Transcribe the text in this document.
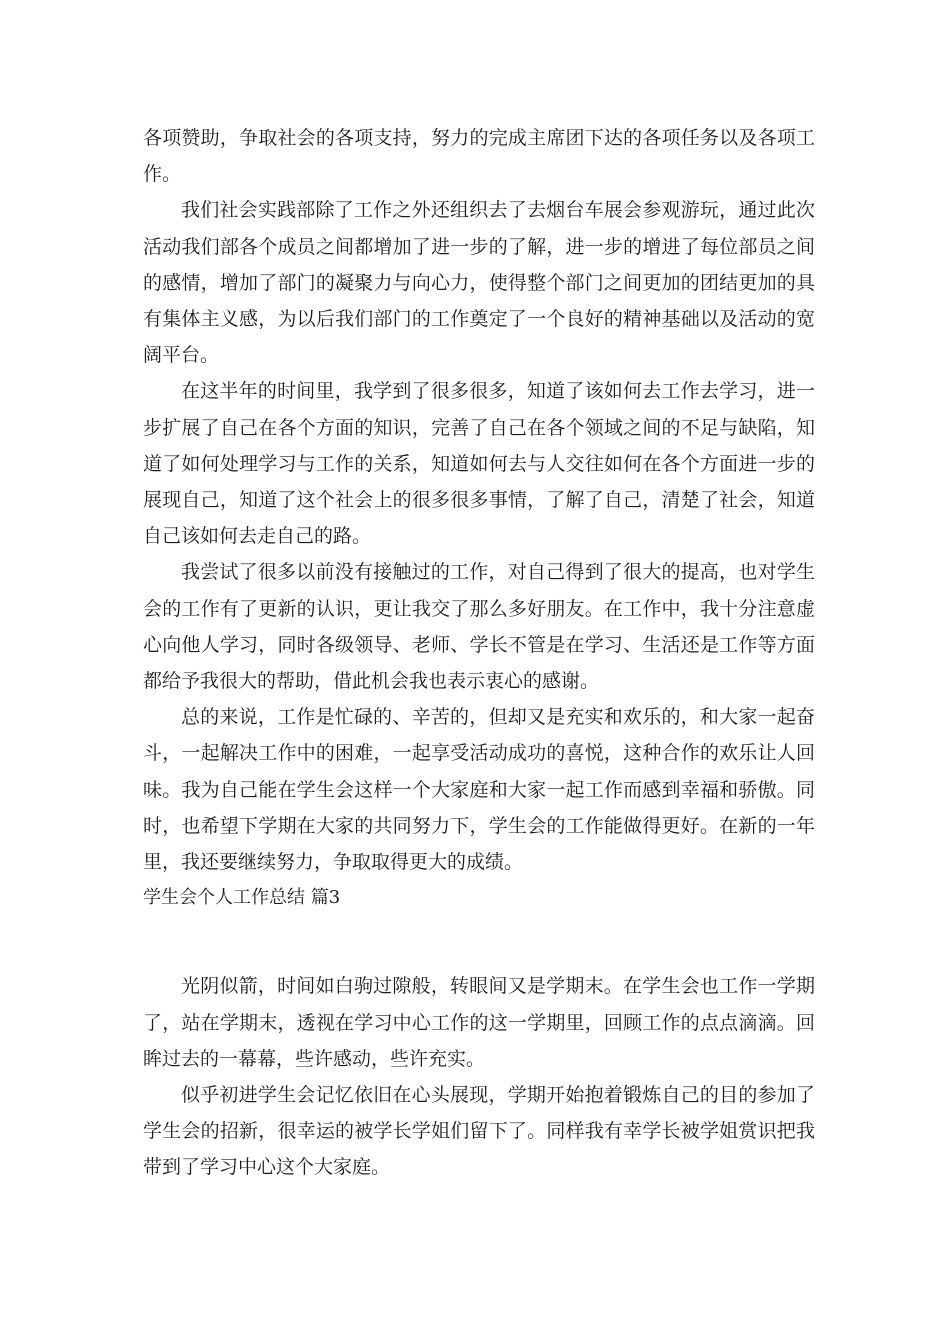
各项赞助，争取社会的各项支持，努力的完成主席团下达的各项任务以及各项工作。

我们社会实践部除了工作之外还组织去了去烟台车展会参观游玩，通过此次活动我们部各个成员之间都增加了进一步的了解，进一步的增进了每位部员之间的感情，增加了部门的凝聚力与向心力，使得整个部门之间更加的团结更加的具有集体主义感，为以后我们部门的工作奠定了一个良好的精神基础以及活动的宽阔平台。

在这半年的时间里，我学到了很多很多，知道了该如何去工作去学习，进一步扩展了自己在各个方面的知识，完善了自己在各个领域之间的不足与缺陷，知道了如何处理学习与工作的关系，知道如何去与人交往如何在各个方面进一步的展现自己，知道了这个社会上的很多很多事情，了解了自己，清楚了社会，知道自己该如何去走自己的路。

我尝试了很多以前没有接触过的工作，对自己得到了很大的提高，也对学生会的工作有了更新的认识，更让我交了那么多好朋友。在工作中，我十分注意虚心向他人学习，同时各级领导、老师、学长不管是在学习、生活还是工作等方面都给予我很大的帮助，借此机会我也表示衷心的感谢。

总的来说，工作是忙碌的、辛苦的，但却又是充实和欢乐的，和大家一起奋斗，一起解决工作中的困难，一起享受活动成功的喜悦，这种合作的欢乐让人回味。我为自己能在学生会这样一个大家庭和大家一起工作而感到幸福和骄傲。同时，也希望下学期在大家的共同努力下，学生会的工作能做得更好。在新的一年里，我还要继续努力，争取取得更大的成绩。

学生会个人工作总结 篇3

光阴似箭，时间如白驹过隙般，转眼间又是学期末。在学生会也工作一学期了，站在学期末，透视在学习中心工作的这一学期里，回顾工作的点点滴滴。回眸过去的一幕幕，些许感动，些许充实。

似乎初进学生会记忆依旧在心头展现，学期开始抱着锻炼自己的目的参加了学生会的招新，很幸运的被学长学姐们留下了。同样我有幸学长被学姐赏识把我带到了学习中心这个大家庭。
